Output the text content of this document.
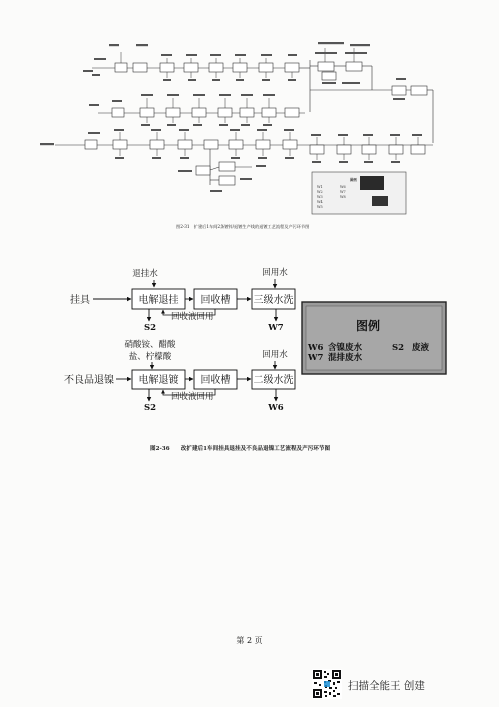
图例
W1
W2
W3
W4
W5
W6
W7
W8
图2-31　扩建后1车间2条镀锌/退镀生产线的退镀工艺流程及产污环节图
退挂水
挂具	电解退挂 回收槽 三级水洗
回用水
回收液回用
S2	W7
硝酸铵、醋酸
盐、柠檬酸
不良品退镍 电解退镀 回收槽 二级水洗
回用水
回收液回用
S2	W6
图例
W6 含镍废水	S2 废液
W7 混排废水
图2-36　　改扩建后1车间挂具退挂及不良品退镍工艺流程及产污环节图
第 2 页
扫描全能王 创建
